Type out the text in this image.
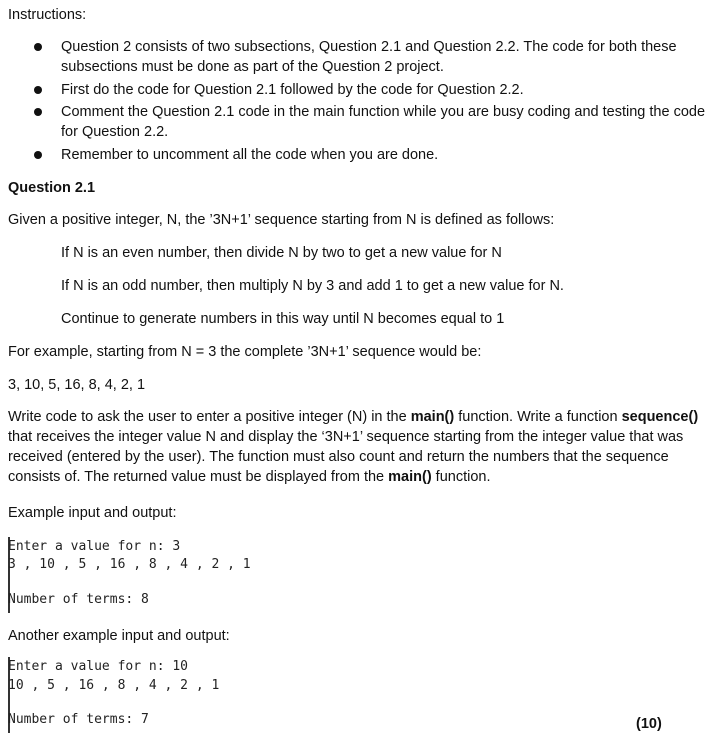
Instructions:
Question 2 consists of two subsections, Question 2.1 and Question 2.2. The code for both these subsections must be done as part of the Question 2 project.
First do the code for Question 2.1 followed by the code for Question 2.2.
Comment the Question 2.1 code in the main function while you are busy coding and testing the code for Question 2.2.
Remember to uncomment all the code when you are done.
Question 2.1
Given a positive integer, N, the ’3N+1’ sequence starting from N is defined as follows:
If N is an even number, then divide N by two to get a new value for N
If N is an odd number, then multiply N by 3 and add 1 to get a new value for N.
Continue to generate numbers in this way until N becomes equal to 1
For example, starting from N = 3 the complete ’3N+1’ sequence would be:
3, 10, 5, 16, 8, 4, 2, 1
Write code to ask the user to enter a positive integer (N) in the main() function. Write a function sequence() that receives the integer value N and display the ‘3N+1’ sequence starting from the integer value that was received (entered by the user). The function must also count and return the numbers that the sequence consists of. The returned value must be displayed from the main() function.
Example input and output:
Enter a value for n: 3
3 , 10 , 5 , 16 , 8 , 4 , 2 , 1
Number of terms: 8
Another example input and output:
Enter a value for n: 10
10 , 5 , 16 , 8 , 4 , 2 , 1
Number of terms: 7	(10)
